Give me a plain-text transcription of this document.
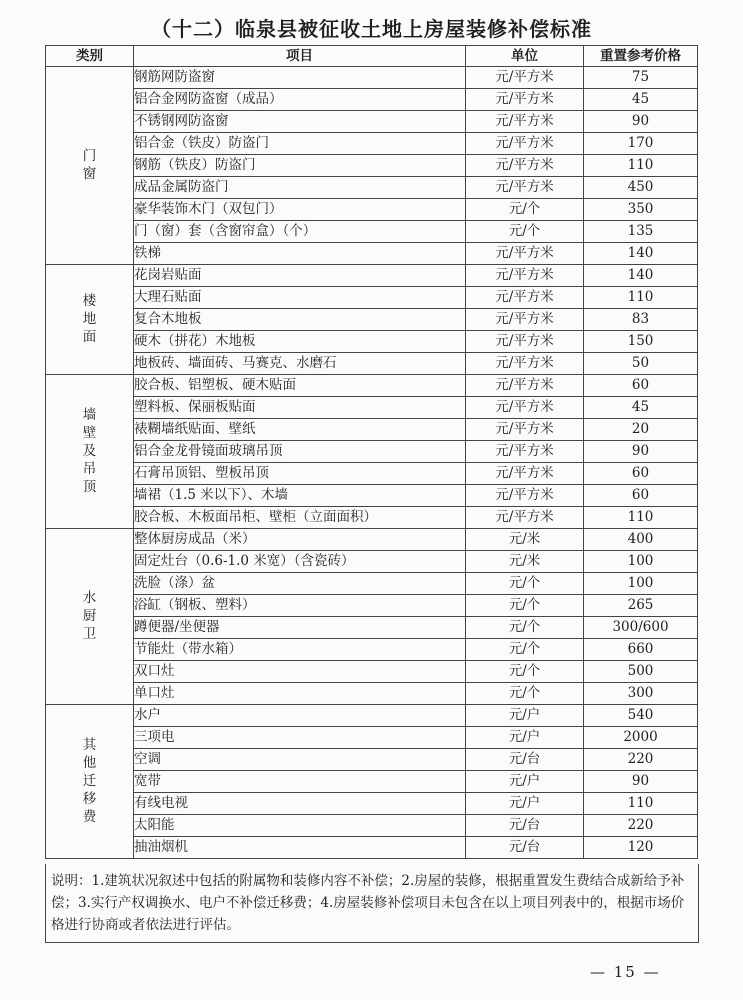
（十二）临泉县被征收土地上房屋装修补偿标准
类别	项目	单位	重置参考价格
门窗	钢筋网防盗窗	元/平方米	75
	铝合金网防盗窗（成品）	元/平方米	45
	不锈钢网防盗窗	元/平方米	90
	铝合金（铁皮）防盗门	元/平方米	170
	钢筋（铁皮）防盗门	元/平方米	110
	成品金属防盗门	元/平方米	450
	豪华装饰木门（双包门）	元/个	350
	门（窗）套（含窗帘盒）（个）	元/个	135
	铁梯	元/平方米	140
楼地面	花岗岩贴面	元/平方米	140
	大理石贴面	元/平方米	110
	复合木地板	元/平方米	83
	硬木（拼花）木地板	元/平方米	150
	地板砖、墙面砖、马赛克、水磨石	元/平方米	50
墙壁及吊顶	胶合板、铝塑板、硬木贴面	元/平方米	60
	塑料板、保丽板贴面	元/平方米	45
	裱糊墙纸贴面、壁纸	元/平方米	20
	铝合金龙骨镜面玻璃吊顶	元/平方米	90
	石膏吊顶铝、塑板吊顶	元/平方米	60
	墙裙（1.5 米以下）、木墙	元/平方米	60
	胶合板、木板面吊柜、壁柜（立面面积）	元/平方米	110
水厨卫	整体厨房成品（米）	元/米	400
	固定灶台（0.6-1.0 米宽）（含瓷砖）	元/米	100
	洗脸（涤）盆	元/个	100
	浴缸（钢板、塑料）	元/个	265
	蹲便器/坐便器	元/个	300/600
	节能灶（带水箱）	元/个	660
	双口灶	元/个	500
	单口灶	元/个	300
其他迁移费	水户	元/户	540
	三项电	元/户	2000
	空调	元/台	220
	宽带	元/户	90
	有线电视	元/户	110
	太阳能	元/台	220
	抽油烟机	元/台	120
说明：1.建筑状况叙述中包括的附属物和装修内容不补偿；2.房屋的装修，根据重置发生费结合成新给予补偿；3.实行产权调换水、电户不补偿迁移费；4.房屋装修补偿项目未包含在以上项目列表中的，根据市场价格进行协商或者依法进行评估。
— 15 —
